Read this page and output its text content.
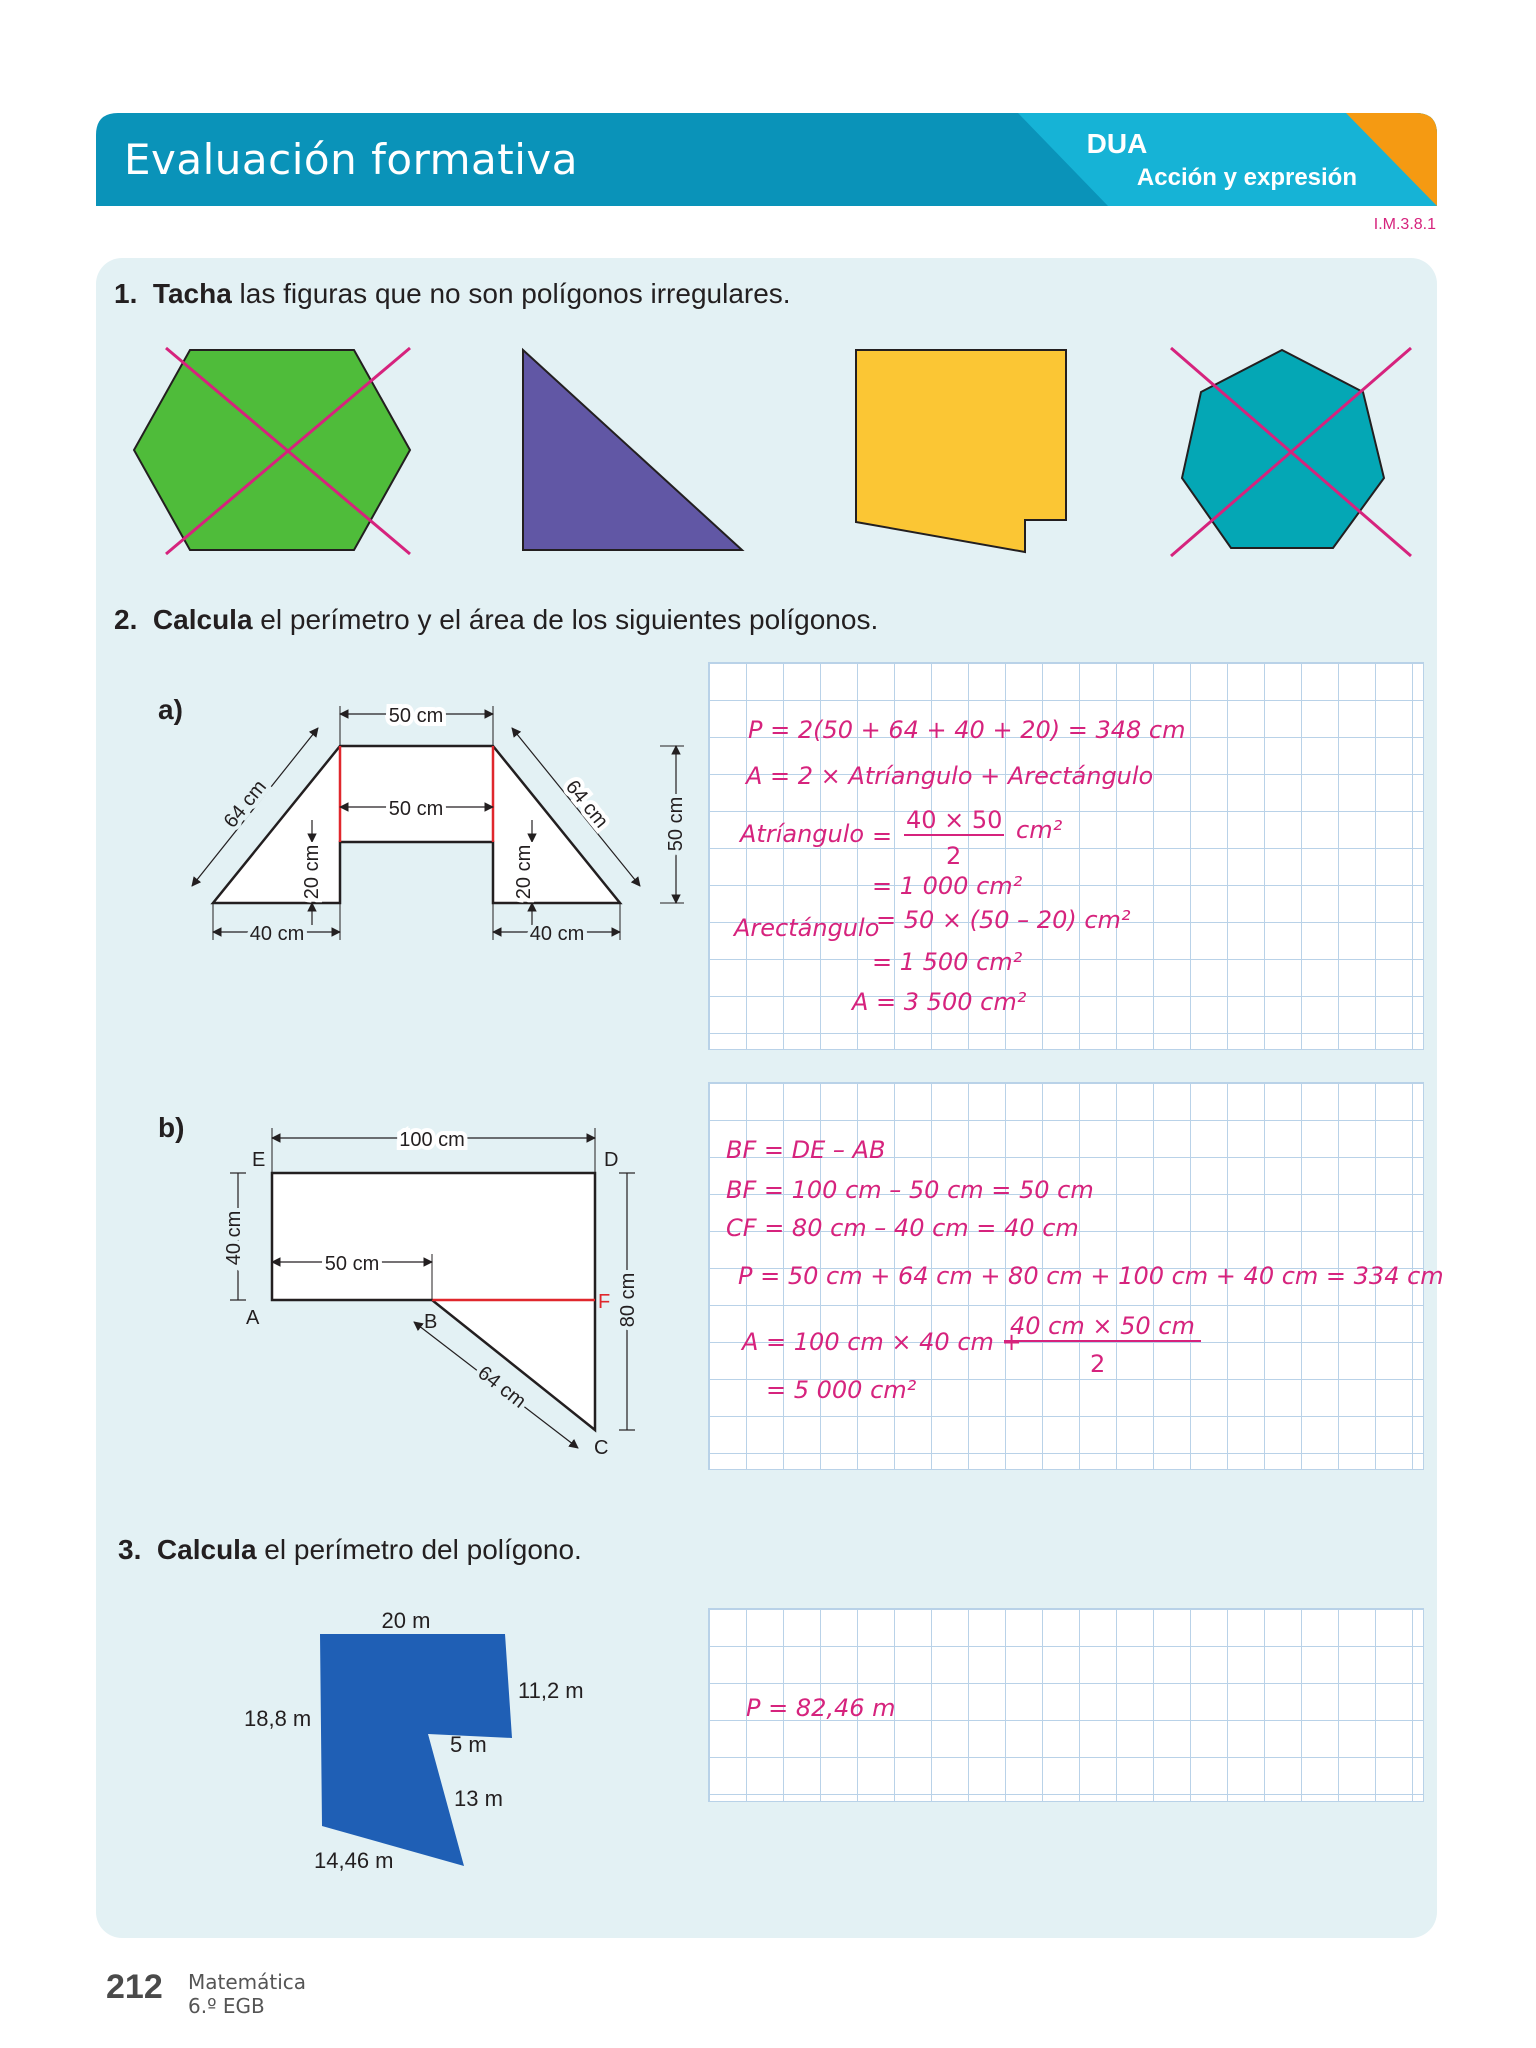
Evaluación formativa	DUA
Acción y expresión
I.M.3.8.1
1. Tacha las figuras que no son polígonos irregulares.
2. Calcula el perímetro y el área de los siguientes polígonos.
a)	50 cm
50 cm
64 cm	64 cm
20 cm	20 cm
50 cm
40 cm	40 cm
P = 2(50 + 64 + 40 + 20) = 348 cm
A = 2 × Atríangulo + Arectángulo
Atríangulo =
40 × 50 cm²
2
= 1 000 cm²
Arectángulo
= 50 × (50 – 20) cm²
= 1 500 cm²
A = 3 500 cm²
b)	100 cm
40 cm	50 cm
80 cm
64 cm
E	D
A	B
F
C
BF = DE – AB
BF = 100 cm – 50 cm = 50 cm
CF = 80 cm – 40 cm = 40 cm
P = 50 cm + 64 cm + 80 cm + 100 cm + 40 cm = 334 cm
A = 100 cm × 40 cm +
40 cm × 50 cm
2
= 5 000 cm²
3. Calcula el perímetro del polígono.
20 m
11,2 m
18,8 m
5 m
13 m
14,46 m
P = 82,46 m
212 Matemática
6.º EGB
